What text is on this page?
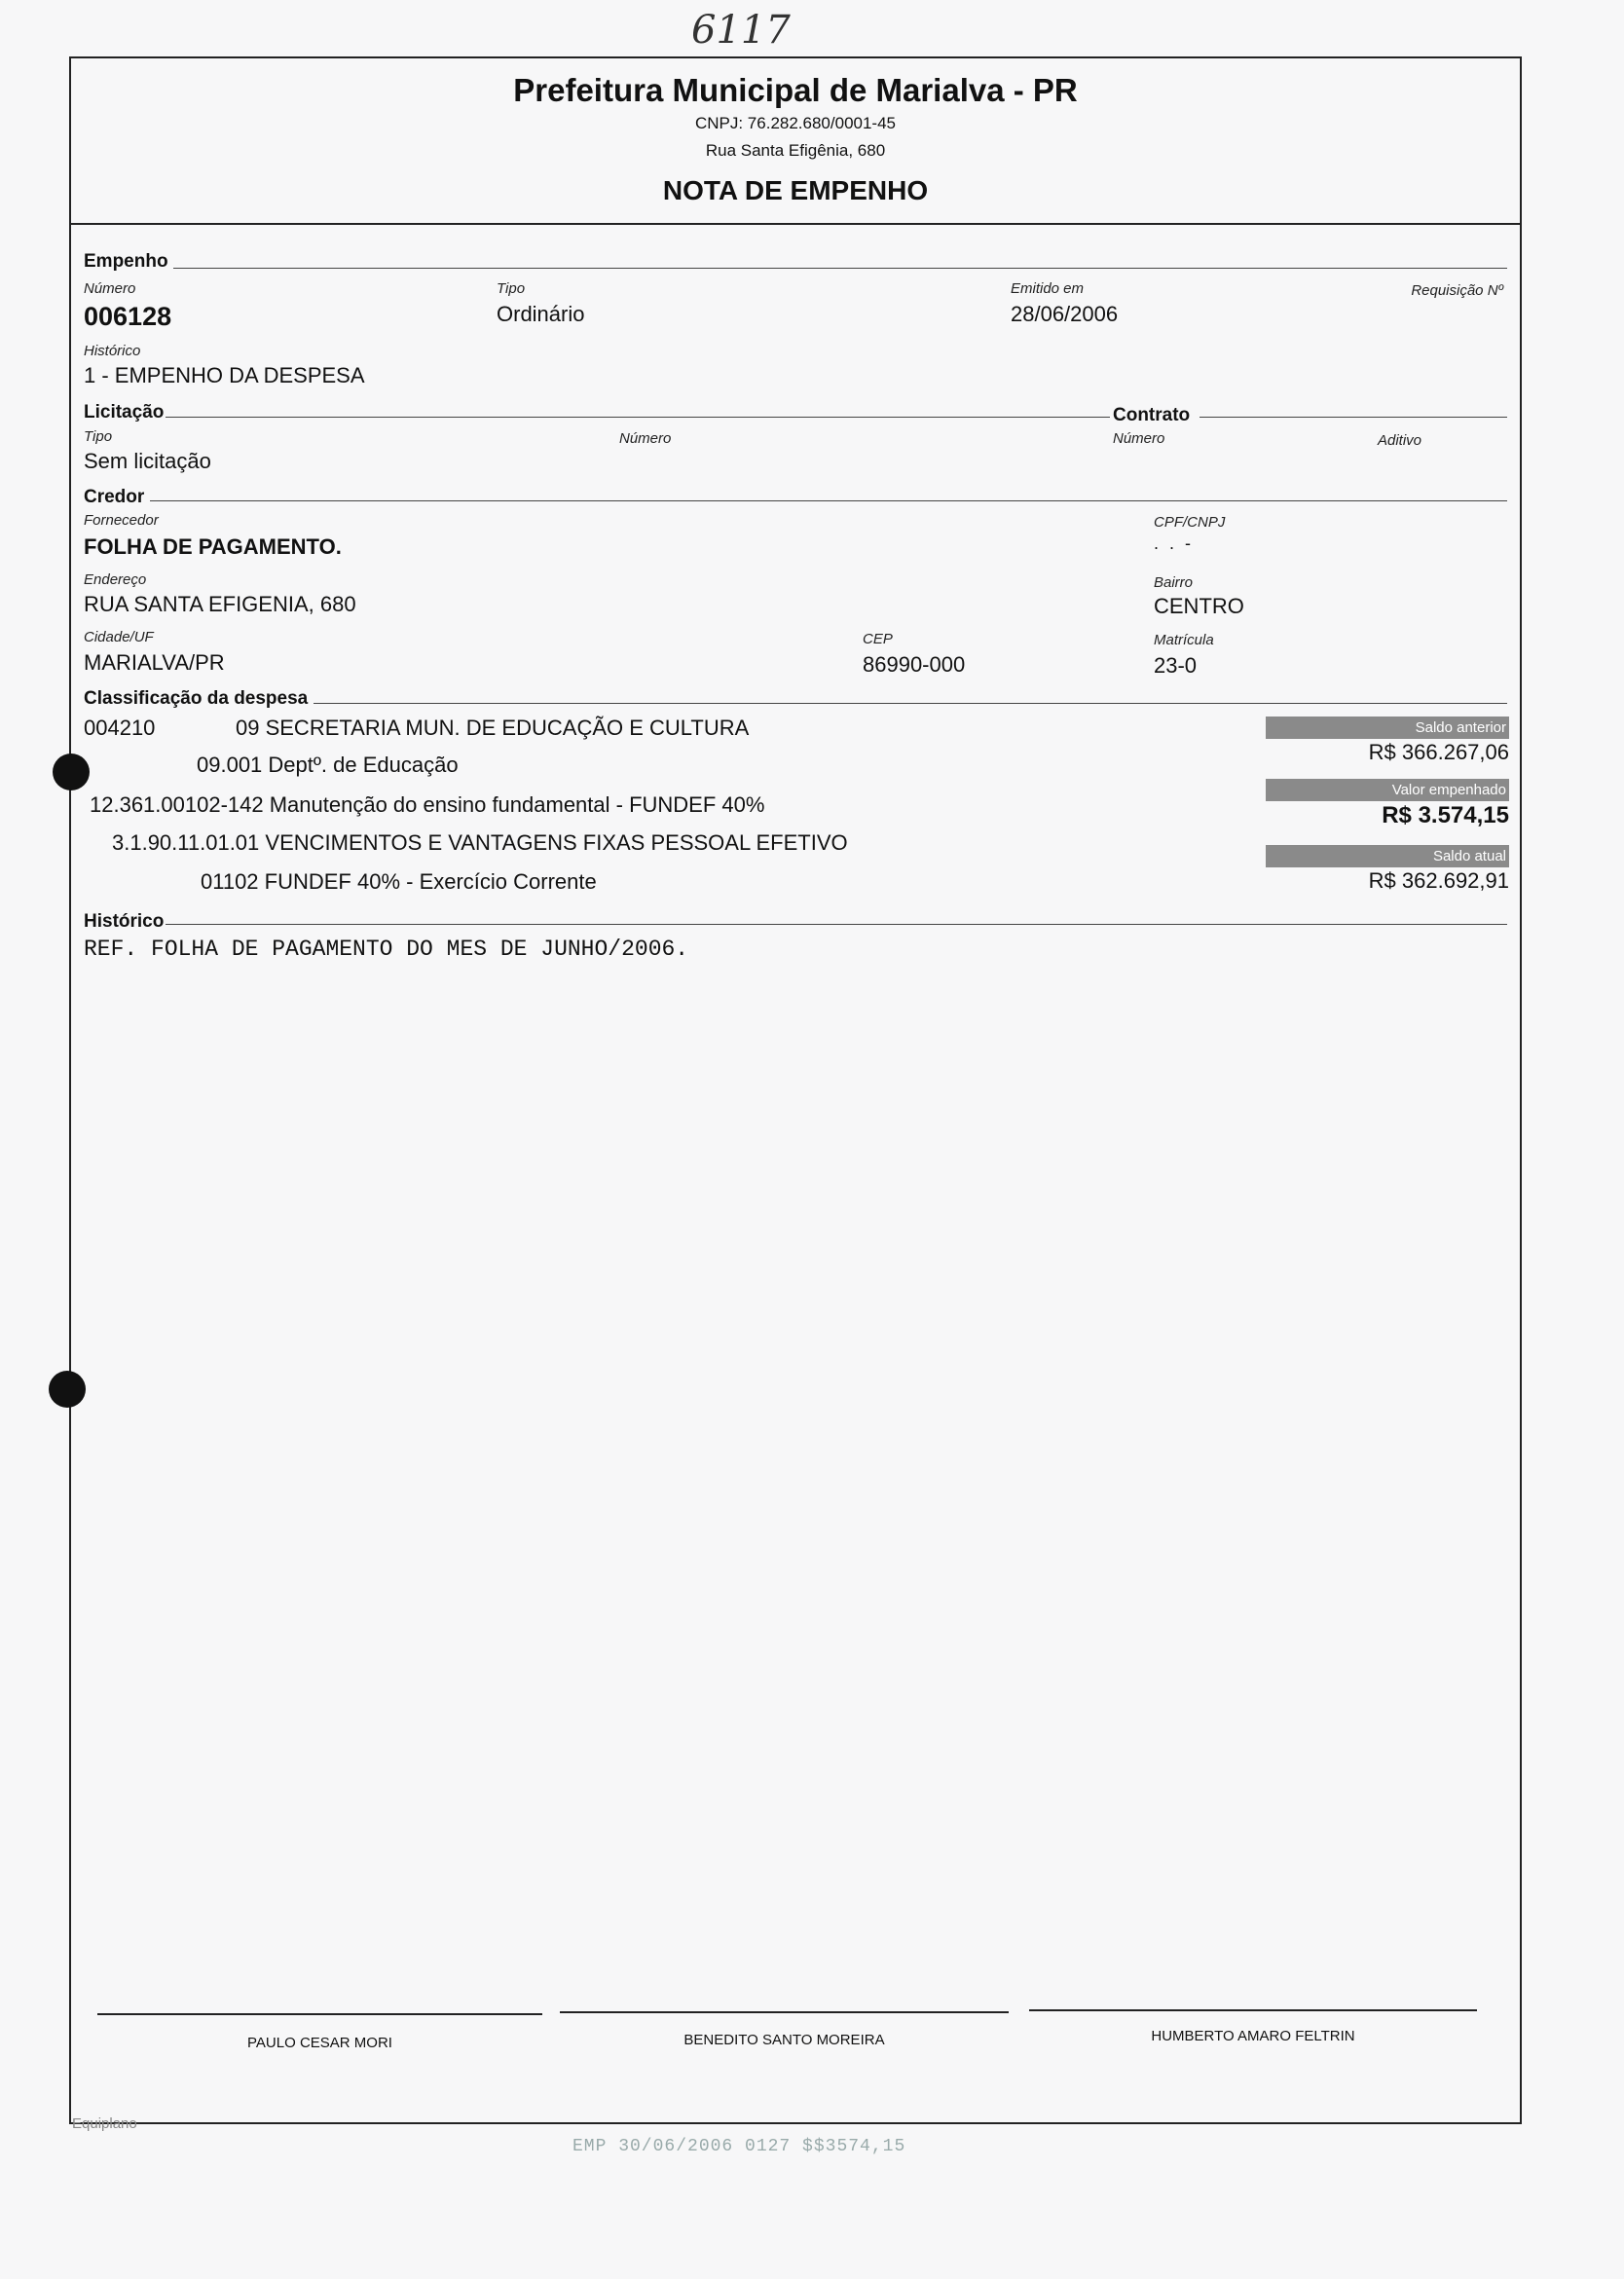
6117
Prefeitura Municipal de Marialva - PR
CNPJ: 76.282.680/0001-45
Rua Santa Efigênia, 680
NOTA DE EMPENHO
Empenho
Número
006128
Tipo
Ordinário
Emitido em
28/06/2006
Requisição Nº
Histórico
1 - EMPENHO DA DESPESA
Licitação	Contrato
Tipo
Sem licitação
Número	Número	Aditivo
Credor
Fornecedor
FOLHA DE PAGAMENTO.
CPF/CNPJ
. . -
Endereço
RUA SANTA EFIGENIA, 680
Bairro
CENTRO
Cidade/UF
MARIALVA/PR
CEP
86990-000
Matrícula
23-0
Classificação da despesa
004210	09 SECRETARIA MUN. DE EDUCAÇÃO E CULTURA
09.001 Deptº. de Educação
12.361.00102-142 Manutenção do ensino fundamental - FUNDEF 40%
3.1.90.11.01.01 VENCIMENTOS E VANTAGENS FIXAS PESSOAL EFETIVO
01102 FUNDEF 40% - Exercício Corrente
Saldo anterior
R$ 366.267,06
Valor empenhado
R$ 3.574,15
Saldo atual
R$ 362.692,91
Histórico
REF. FOLHA DE PAGAMENTO DO MES DE JUNHO/2006.
PAULO CESAR MORI	BENEDITO SANTO MOREIRA	HUMBERTO AMARO FELTRIN
Equiplano
EMP 30/06/2006 0127 $$3574,15
